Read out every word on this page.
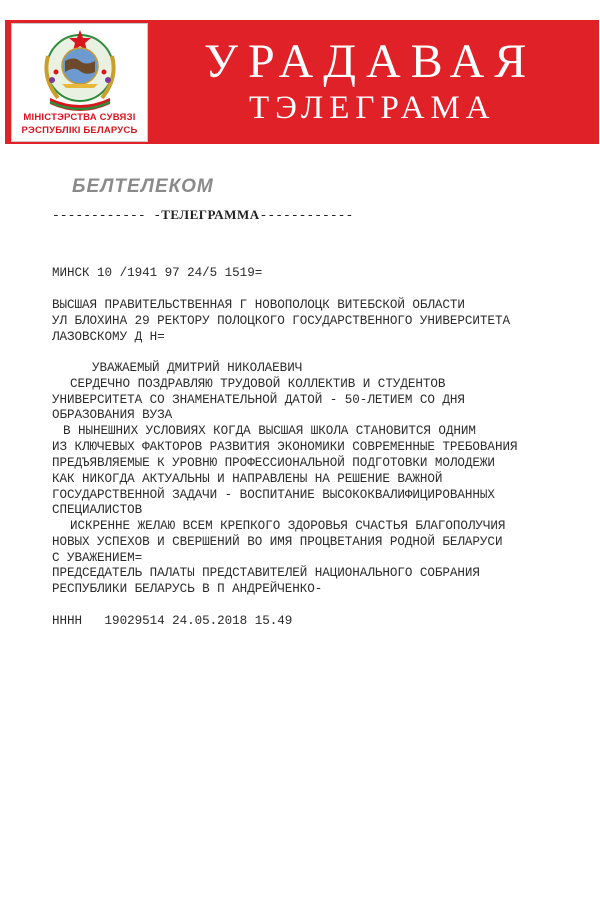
МІНІСТЭРСТВА СУВЯЗІ
РЭСПУБЛІКІ БЕЛАРУСЬ
УРАДАВАЯ
ТЭЛЕГРАМА
БЕЛТЕЛЕКОМ
------------ -ТЕЛЕГРАММА------------
МИНСК 10 /1941 97 24/5 1519=
ВЫСШАЯ ПРАВИТЕЛЬСТВЕННАЯ Г НОВОПОЛОЦК ВИТЕБСКОЙ ОБЛАСТИ
УЛ БЛОХИНА 29 РЕКТОРУ ПОЛОЦКОГО ГОСУДАРСТВЕННОГО УНИВЕРСИТЕТА
ЛАЗОВСКОМУ Д Н=
УВАЖАЕМЫЙ ДМИТРИЙ НИКОЛАЕВИЧ
СЕРДЕЧНО ПОЗДРАВЛЯЮ ТРУДОВОЙ КОЛЛЕКТИВ И СТУДЕНТОВ
УНИВЕРСИТЕТА СО ЗНАМЕНАТЕЛЬНОЙ ДАТОЙ - 50-ЛЕТИЕМ СО ДНЯ
ОБРАЗОВАНИЯ ВУЗА
В НЫНЕШНИХ УСЛОВИЯХ КОГДА ВЫСШАЯ ШКОЛА СТАНОВИТСЯ ОДНИМ
ИЗ КЛЮЧЕВЫХ ФАКТОРОВ РАЗВИТИЯ ЭКОНОМИКИ СОВРЕМЕННЫЕ ТРЕБОВАНИЯ
ПРЕДЪЯВЛЯЕМЫЕ К УРОВНЮ ПРОФЕССИОНАЛЬНОЙ ПОДГОТОВКИ МОЛОДЕЖИ
КАК НИКОГДА АКТУАЛЬНЫ И НАПРАВЛЕНЫ НА РЕШЕНИЕ ВАЖНОЙ
ГОСУДАРСТВЕННОЙ ЗАДАЧИ - ВОСПИТАНИЕ ВЫСОКОКВАЛИФИЦИРОВАННЫХ
СПЕЦИАЛИСТОВ
ИСКРЕННЕ ЖЕЛАЮ ВСЕМ КРЕПКОГО ЗДОРОВЬЯ СЧАСТЬЯ БЛАГОПОЛУЧИЯ
НОВЫХ УСПЕХОВ И СВЕРШЕНИЙ ВО ИМЯ ПРОЦВЕТАНИЯ РОДНОЙ БЕЛАРУСИ
С УВАЖЕНИЕМ=
ПРЕДСЕДАТЕЛЬ ПАЛАТЫ ПРЕДСТАВИТЕЛЕЙ НАЦИОНАЛЬНОГО СОБРАНИЯ
РЕСПУБЛИКИ БЕЛАРУСЬ В П АНДРЕЙЧЕНКО-
НННН   19029514 24.05.2018 15.49
